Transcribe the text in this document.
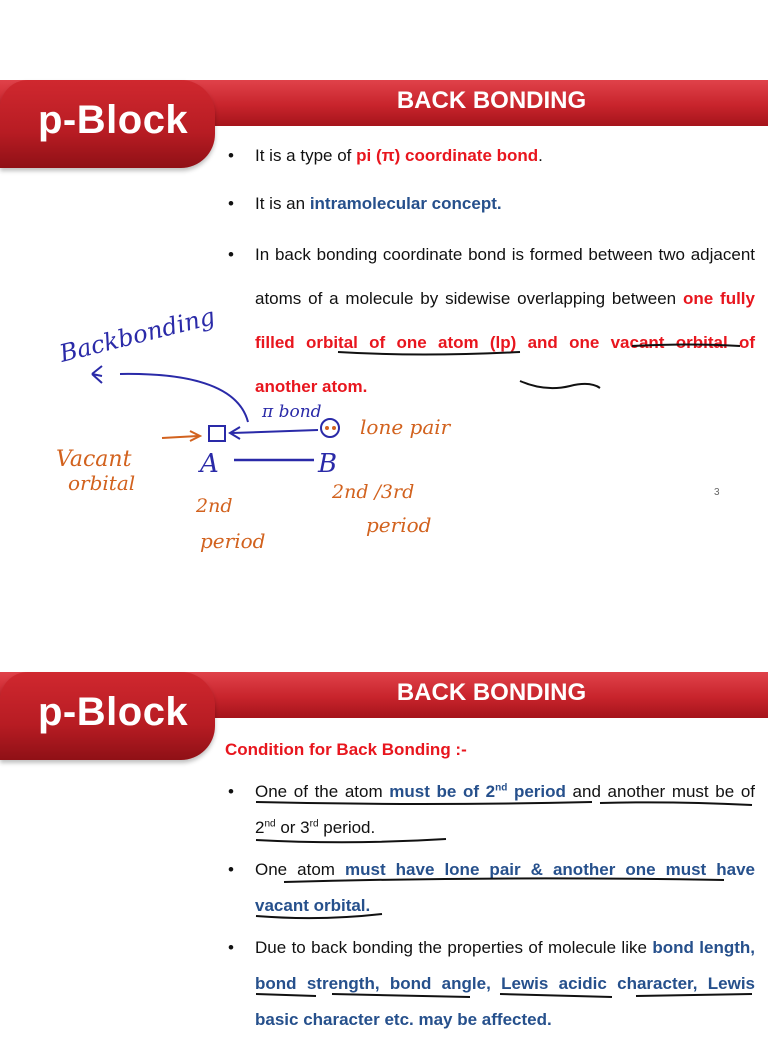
p-Block	BACK BONDING
• It is a type of pi (π) coordinate bond.
• It is an intramolecular concept.
• In back bonding coordinate bond is formed between two adjacent atoms of a molecule by sidewise overlapping between one fully filled orbital of one atom (lp) and one vacant orbital of another atom.
3
Backbonding
π bond
lone pair
Vacant
orbital
A	B
2nd
period
2nd /3rd
period
p-Block	BACK BONDING
Condition for Back Bonding :-
• One of the atom must be of 2nd period and another must be of 2nd or 3rd period.
• One atom must have lone pair & another one must have vacant orbital.
• Due to back bonding the properties of molecule like bond length, bond strength, bond angle, Lewis acidic character, Lewis basic character etc. may be affected.
